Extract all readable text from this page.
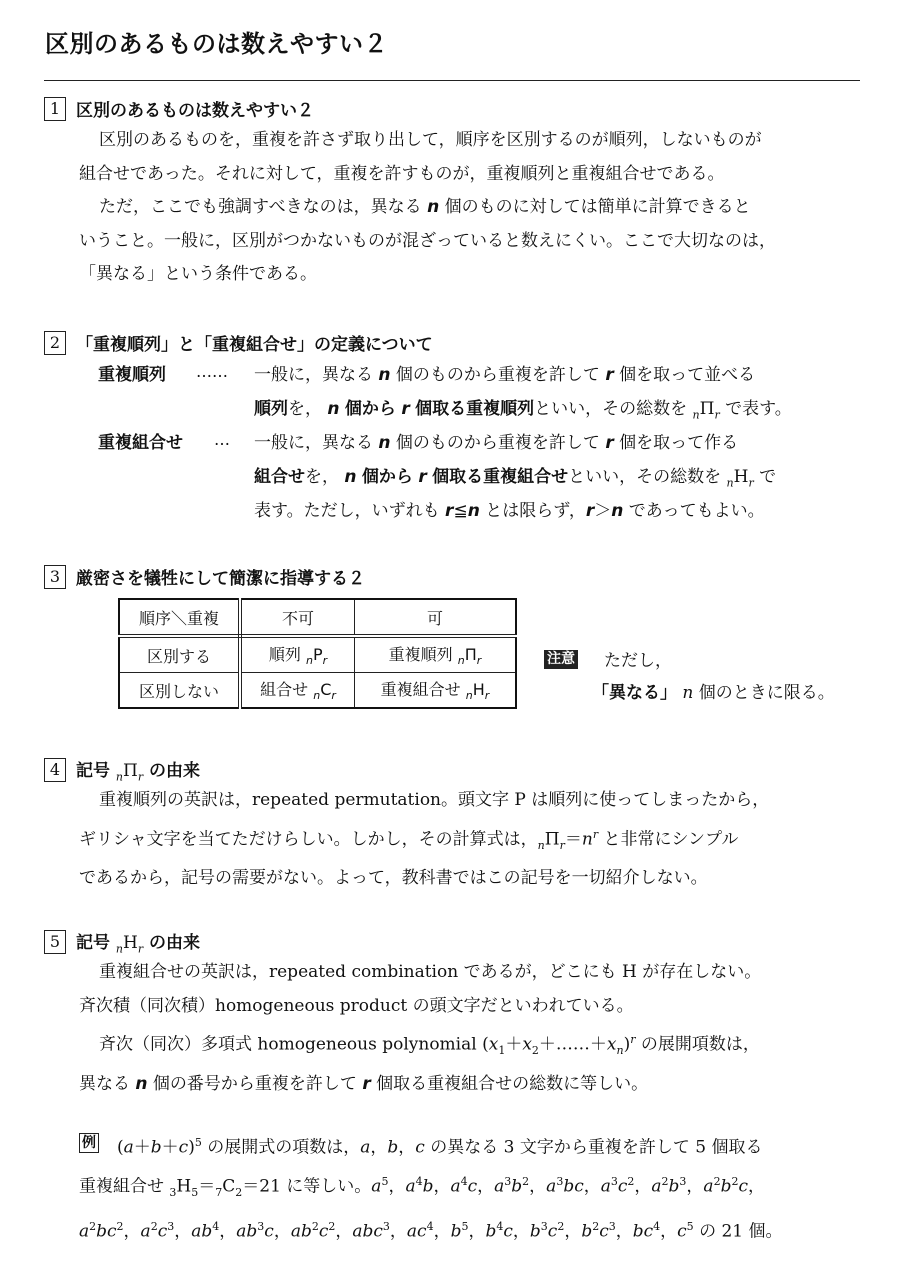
区別のあるものは数えやすい２
1 区別のあるものは数えやすい２
区別のあるものを，重複を許さず取り出して，順序を区別するのが順列，しないものが
組合せであった。それに対して，重複を許すものが，重複順列と重複組合せである。
ただ，ここでも強調すべきなのは，異なる n 個のものに対しては簡単に計算できると
いうこと。一般に，区別がつかないものが混ざっていると数えにくい。ここで大切なのは，
「異なる」という条件である。
2 「重複順列」と「重複組合せ」の定義について
重複順列 …… 一般に，異なる n 個のものから重複を許して r 個を取って並べる
順列を， n 個から r 個取る重複順列といい，その総数を $_n\Pi_r$ で表す。
重複組合せ … 一般に，異なる n 個のものから重複を許して r 個を取って作る
組合せを， n 個から r 個取る重複組合せといい，その総数を $_nH_r$ で
表す。ただし，いずれも r≦n とは限らず，r＞n であってもよい。
3 厳密さを犠牲にして簡潔に指導する２
順序＼重複	不可	可
区別する	順列 $_nP_r$	重複順列 $_n\Pi_r$
区別しない	組合せ $_nC_r$	重複組合せ $_nH_r$
注意 ただし，
「異なる」 n 個のときに限る。
4 記号 $_n\Pi_r$ の由来
重複順列の英訳は，repeated permutation。頭文字 P は順列に使ってしまったから，
ギリシャ文字を当てただけらしい。しかし，その計算式は，$_n\Pi_r=n^r$ と非常にシンプル
であるから，記号の需要がない。よって，教科書ではこの記号を一切紹介しない。
5 記号 $_nH_r$ の由来
重複組合せの英訳は，repeated combination であるが，どこにも H が存在しない。
斉次積（同次積）homogeneous product の頭文字だといわれている。
斉次（同次）多項式 homogeneous polynomial $(x_1+x_2+\dots\dots+x_n)^r$ の展開項数は，
異なる n 個の番号から重複を許して r 個取る重複組合せの総数に等しい。
例	$(a+b+c)^5$ の展開式の項数は，a，b，c の異なる 3 文字から重複を許して 5 個取る
重複組合せ $_3H_5=_7C_2=21$ に等しい。$a^5$，$a^4b$，$a^4c$，$a^3b^2$，$a^3bc$，$a^3c^2$，$a^2b^3$，$a^2b^2c$，
$a^2bc^2$，$a^2c^3$，$ab^4$，$ab^3c$，$ab^2c^2$，abc$^3$，$ac^4$，$b^5$，$b^4c$，$b^3c^2$，$b^2c^3$，$bc^4$，$c^5$ の 21 個。
